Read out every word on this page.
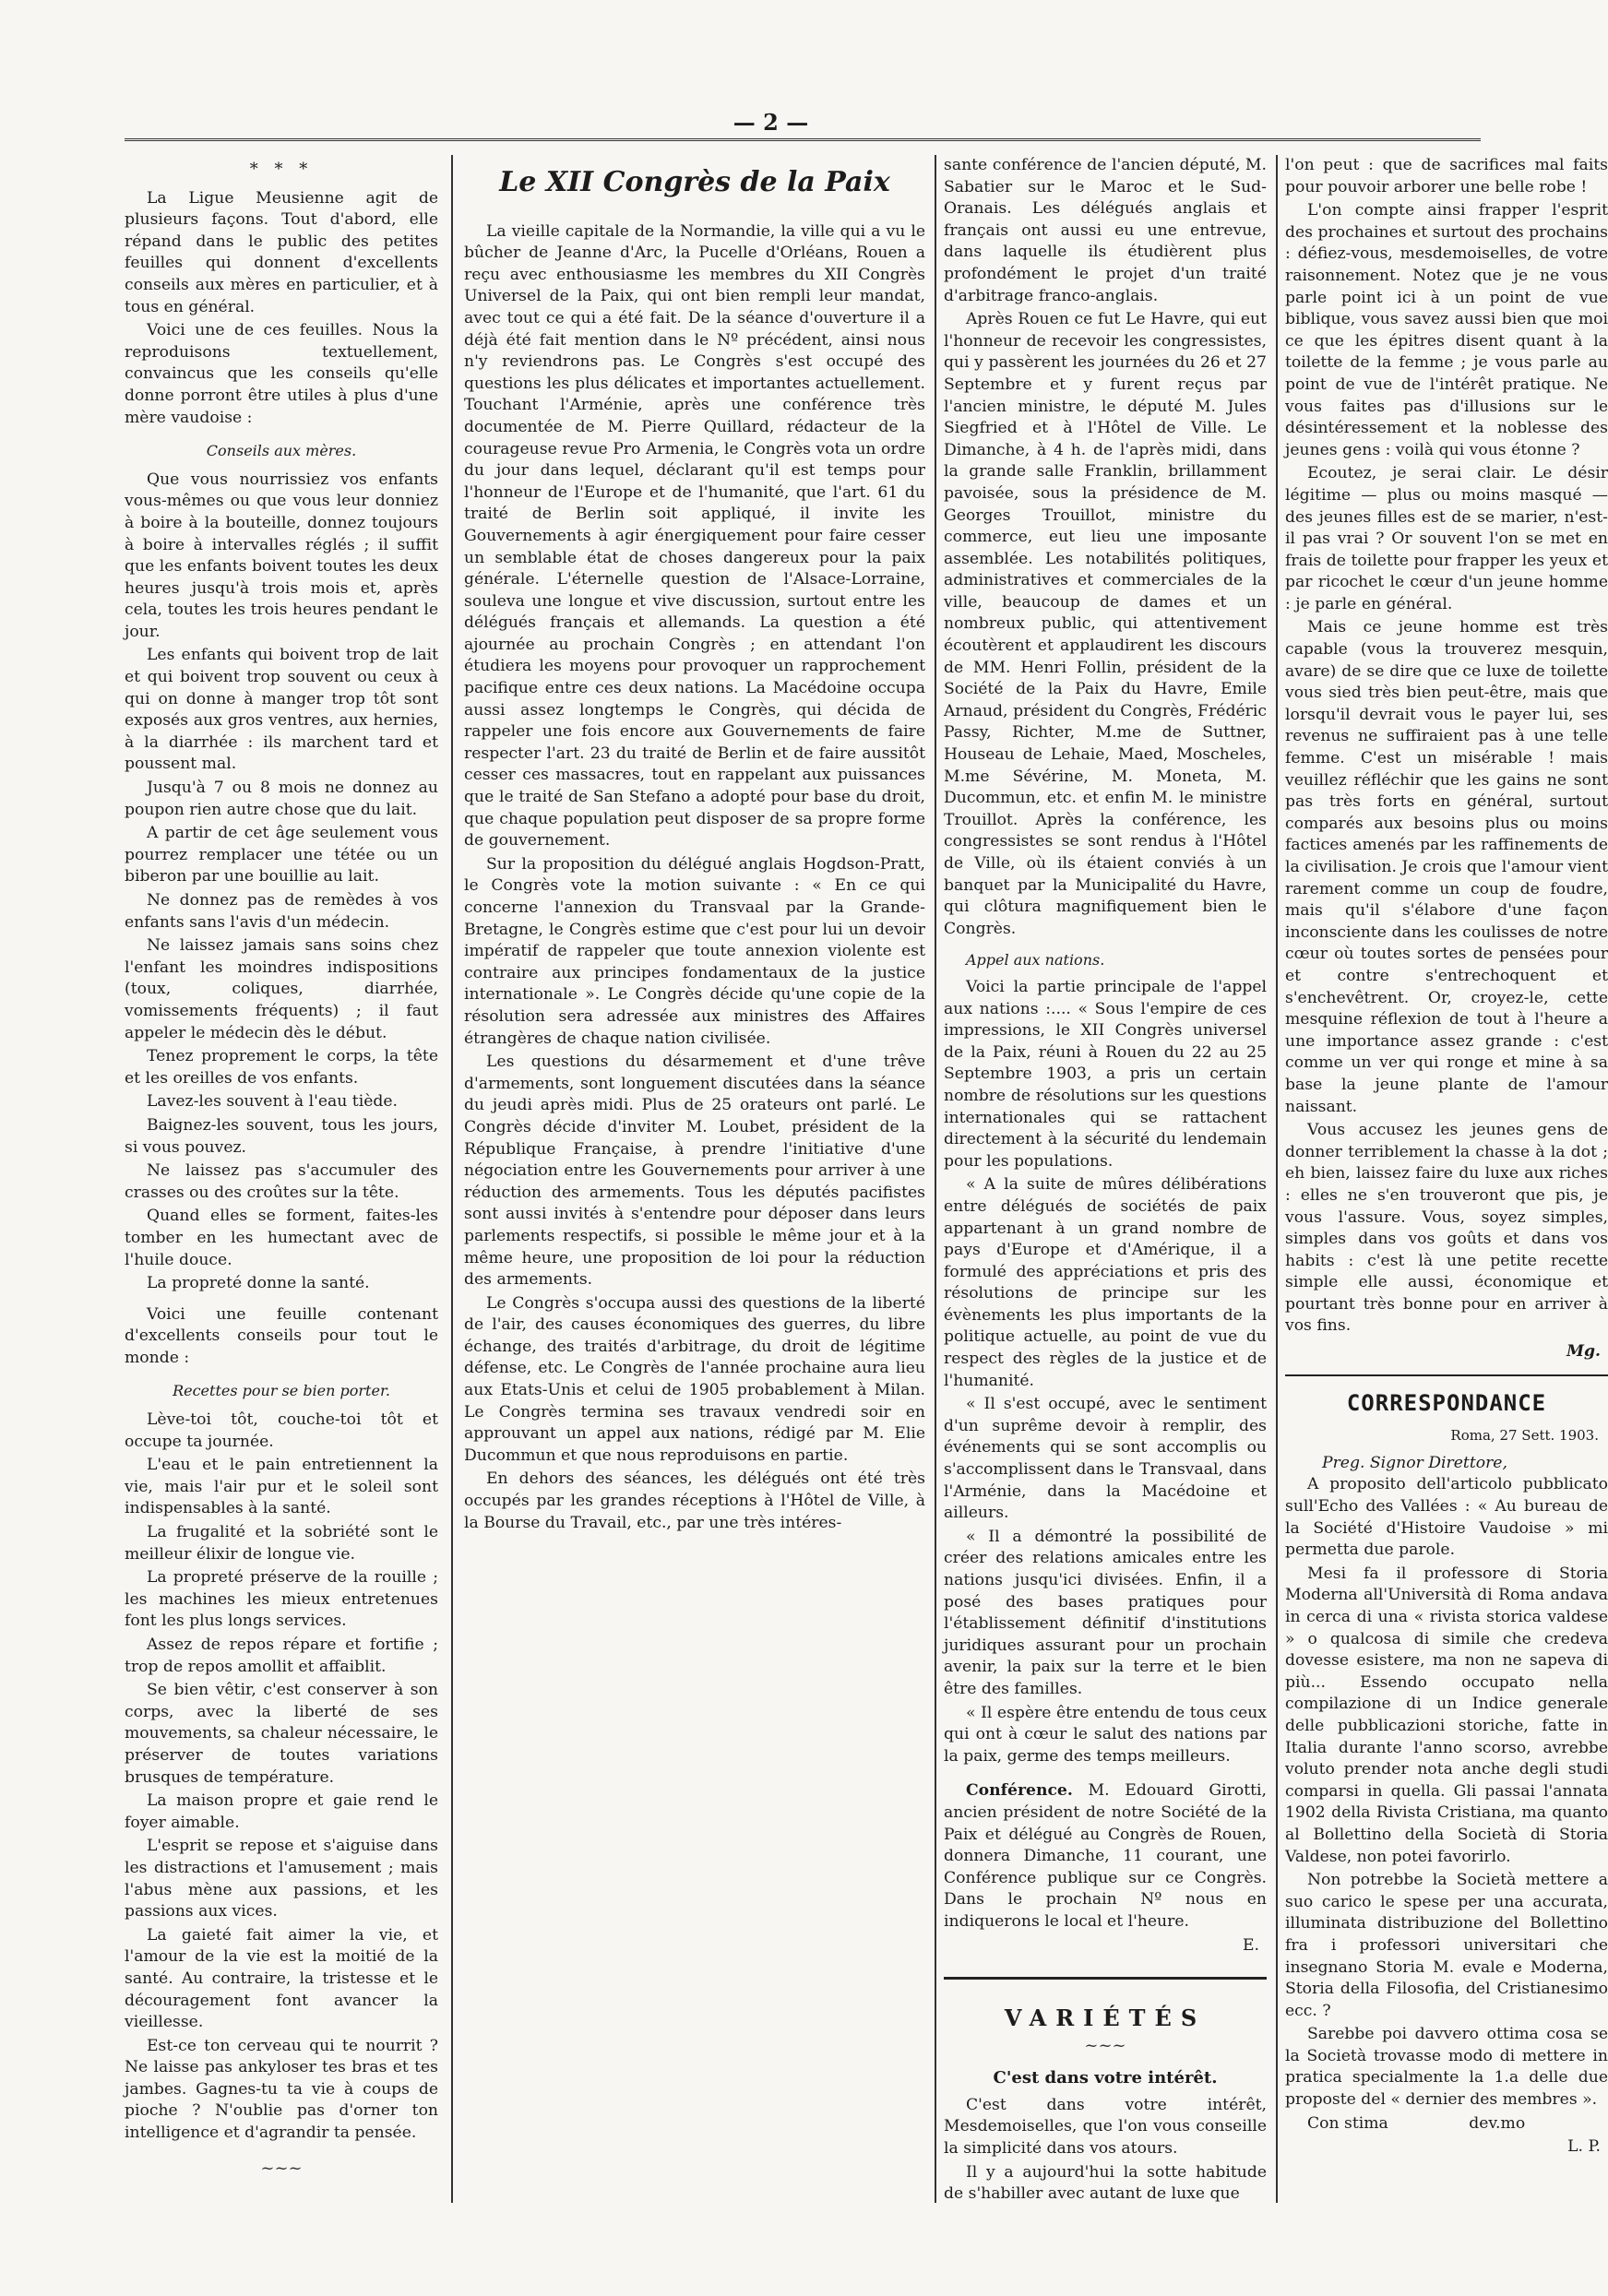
— 2 —
* * *

La Ligue Meusienne agit de plusieurs façons. Tout d'abord, elle répand dans le public des petites feuilles qui donnent d'excellents conseils aux mères en particulier, et à tous en général.

Voici une de ces feuilles. Nous la reproduisons textuellement, convaincus que les conseils qu'elle donne porront être utiles à plus d'une mère vaudoise :

Conseils aux mères.

Que vous nourrissiez vos enfants vous-mêmes ou que vous leur donniez à boire à la bouteille, donnez toujours à boire à intervalles réglés ; il suffit que les enfants boivent toutes les deux heures jusqu'à trois mois et, après cela, toutes les trois heures pendant le jour.

Les enfants qui boivent trop de lait et qui boivent trop souvent ou ceux à qui on donne à manger trop tôt sont exposés aux gros ventres, aux hernies, à la diarrhée : ils marchent tard et poussent mal.

Jusqu'à 7 ou 8 mois ne donnez au poupon rien autre chose que du lait.

A partir de cet âge seulement vous pourrez remplacer une tétée ou un biberon par une bouillie au lait.

Ne donnez pas de remèdes à vos enfants sans l'avis d'un médecin.

Ne laissez jamais sans soins chez l'enfant les moindres indispositions (toux, coliques, diarrhée, vomissements fréquents) ; il faut appeler le médecin dès le début.

Tenez proprement le corps, la tête et les oreilles de vos enfants.

Lavez-les souvent à l'eau tiède.

Baignez-les souvent, tous les jours, si vous pouvez.

Ne laissez pas s'accumuler des crasses ou des croûtes sur la tête.

Quand elles se forment, faites-les tomber en les humectant avec de l'huile douce.

La propreté donne la santé.

Voici une feuille contenant d'excellents conseils pour tout le monde :

Recettes pour se bien porter.

Lève-toi tôt, couche-toi tôt et occupe ta journée.

L'eau et le pain entretiennent la vie, mais l'air pur et le soleil sont indispensables à la santé.

La frugalité et la sobriété sont le meilleur élixir de longue vie.

La propreté préserve de la rouille ; les machines les mieux entretenues font les plus longs services.

Assez de repos répare et fortifie ; trop de repos amollit et affaiblit.

Se bien vêtir, c'est conserver à son corps, avec la liberté de ses mouvements, sa chaleur nécessaire, le préserver de toutes variations brusques de température.

La maison propre et gaie rend le foyer aimable.

L'esprit se repose et s'aiguise dans les distractions et l'amusement ; mais l'abus mène aux passions, et les passions aux vices.

La gaieté fait aimer la vie, et l'amour de la vie est la moitié de la santé. Au contraire, la tristesse et le découragement font avancer la vieillesse.

Est-ce ton cerveau qui te nourrit ? Ne laisse pas ankyloser tes bras et tes jambes. Gagnes-tu ta vie à coups de pioche ? N'oublie pas d'orner ton intelligence et d'agrandir ta pensée.

~~~
Le XII Congrès de la Paix

La vieille capitale de la Normandie, la ville qui a vu le bûcher de Jeanne d'Arc, la Pucelle d'Orléans, Rouen a reçu avec enthousiasme les membres du XII Congrès Universel de la Paix, qui ont bien rempli leur mandat, avec tout ce qui a été fait. De la séance d'ouverture il a déjà été fait mention dans le Nº précédent, ainsi nous n'y reviendrons pas. Le Congrès s'est occupé des questions les plus délicates et importantes actuellement. Touchant l'Arménie, après une conférence très documentée de M. Pierre Quillard, rédacteur de la courageuse revue Pro Armenia, le Congrès vota un ordre du jour dans lequel, déclarant qu'il est temps pour l'honneur de l'Europe et de l'humanité, que l'art. 61 du traité de Berlin soit appliqué, il invite les Gouvernements à agir énergiquement pour faire cesser un semblable état de choses dangereux pour la paix générale. L'éternelle question de l'Alsace-Lorraine, souleva une longue et vive discussion, surtout entre les délégués français et allemands. La question a été ajournée au prochain Congrès ; en attendant l'on étudiera les moyens pour provoquer un rapprochement pacifique entre ces deux nations. La Macédoine occupa aussi assez longtemps le Congrès, qui décida de rappeler une fois encore aux Gouvernements de faire respecter l'art. 23 du traité de Berlin et de faire aussitôt cesser ces massacres, tout en rappelant aux puissances que le traité de San Stefano a adopté pour base du droit, que chaque population peut disposer de sa propre forme de gouvernement.

Sur la proposition du délégué anglais Hogdson-Pratt, le Congrès vote la motion suivante : « En ce qui concerne l'annexion du Transvaal par la Grande-Bretagne, le Congrès estime que c'est pour lui un devoir impératif de rappeler que toute annexion violente est contraire aux principes fondamentaux de la justice internationale ». Le Congrès décide qu'une copie de la résolution sera adressée aux ministres des Affaires étrangères de chaque nation civilisée.

Les questions du désarmement et d'une trêve d'armements, sont longuement discutées dans la séance du jeudi après midi. Plus de 25 orateurs ont parlé. Le Congrès décide d'inviter M. Loubet, président de la République Française, à prendre l'initiative d'une négociation entre les Gouvernements pour arriver à une réduction des armements. Tous les députés pacifistes sont aussi invités à s'entendre pour déposer dans leurs parlements respectifs, si possible le même jour et à la même heure, une proposition de loi pour la réduction des armements.

Le Congrès s'occupa aussi des questions de la liberté de l'air, des causes économiques des guerres, du libre échange, des traités d'arbitrage, du droit de légitime défense, etc. Le Congrès de l'année prochaine aura lieu aux Etats-Unis et celui de 1905 probablement à Milan. Le Congrès termina ses travaux vendredi soir en approuvant un appel aux nations, rédigé par M. Elie Ducommun et que nous reproduisons en partie.

En dehors des séances, les délégués ont été très occupés par les grandes réceptions à l'Hôtel de Ville, à la Bourse du Travail, etc., par une très intéres-

sante conférence de l'ancien député, M. Sabatier sur le Maroc et le Sud-Oranais. Les délégués anglais et français ont aussi eu une entrevue, dans laquelle ils étudièrent plus profondément le projet d'un traité d'arbitrage franco-anglais.

Après Rouen ce fut Le Havre, qui eut l'honneur de recevoir les congressistes, qui y passèrent les journées du 26 et 27 Septembre et y furent reçus par l'ancien ministre, le député M. Jules Siegfried et à l'Hôtel de Ville. Le Dimanche, à 4 h. de l'après midi, dans la grande salle Franklin, brillamment pavoisée, sous la présidence de M. Georges Trouillot, ministre du commerce, eut lieu une imposante assemblée. Les notabilités politiques, administratives et commerciales de la ville, beaucoup de dames et un nombreux public, qui attentivement écoutèrent et applaudirent les discours de MM. Henri Follin, président de la Société de la Paix du Havre, Emile Arnaud, président du Congrès, Frédéric Passy, Richter, M.me de Suttner, Houseau de Lehaie, Maed, Moscheles, M.me Sévérine, M. Moneta, M. Ducommun, etc. et enfin M. le ministre Trouillot. Après la conférence, les congressistes se sont rendus à l'Hôtel de Ville, où ils étaient conviés à un banquet par la Municipalité du Havre, qui clôtura magnifiquement bien le Congrès.

Appel aux nations.

Voici la partie principale de l'appel aux nations :.... « Sous l'empire de ces impressions, le XII Congrès universel de la Paix, réuni à Rouen du 22 au 25 Septembre 1903, a pris un certain nombre de résolutions sur les questions internationales qui se rattachent directement à la sécurité du lendemain pour les populations.

« A la suite de mûres délibérations entre délégués de sociétés de paix appartenant à un grand nombre de pays d'Europe et d'Amérique, il a formulé des appréciations et pris des résolutions de principe sur les évènements les plus importants de la politique actuelle, au point de vue du respect des règles de la justice et de l'humanité.

« Il s'est occupé, avec le sentiment d'un suprême devoir à remplir, des événements qui se sont accomplis ou s'accomplissent dans le Transvaal, dans l'Arménie, dans la Macédoine et ailleurs.

« Il a démontré la possibilité de créer des relations amicales entre les nations jusqu'ici divisées. Enfin, il a posé des bases pratiques pour l'établissement définitif d'institutions juridiques assurant pour un prochain avenir, la paix sur la terre et le bien être des familles.

« Il espère être entendu de tous ceux qui ont à cœur le salut des nations par la paix, germe des temps meilleurs.

Conférence. M. Edouard Girotti, ancien président de notre Société de la Paix et délégué au Congrès de Rouen, donnera Dimanche, 11 courant, une Conférence publique sur ce Congrès. Dans le prochain Nº nous en indiquerons le local et l'heure.

E.
VARIÉTÉS
~~~
C'est dans votre intérêt.

C'est dans votre intérêt, Mesdemoiselles, que l'on vous conseille la simplicité dans vos atours.

Il y a aujourd'hui la sotte habitude de s'habiller avec autant de luxe que

l'on peut : que de sacrifices mal faits pour pouvoir arborer une belle robe !

L'on compte ainsi frapper l'esprit des prochaines et surtout des prochains : défiez-vous, mesdemoiselles, de votre raisonnement. Notez que je ne vous parle point ici à un point de vue biblique, vous savez aussi bien que moi ce que les épitres disent quant à la toilette de la femme ; je vous parle au point de vue de l'intérêt pratique. Ne vous faites pas d'illusions sur le désintéressement et la noblesse des jeunes gens : voilà qui vous étonne ?

Ecoutez, je serai clair. Le désir légitime — plus ou moins masqué — des jeunes filles est de se marier, n'est-il pas vrai ? Or souvent l'on se met en frais de toilette pour frapper les yeux et par ricochet le cœur d'un jeune homme : je parle en général.

Mais ce jeune homme est très capable (vous la trouverez mesquin, avare) de se dire que ce luxe de toilette vous sied très bien peut-être, mais que lorsqu'il devrait vous le payer lui, ses revenus ne suffiraient pas à une telle femme. C'est un misérable ! mais veuillez réfléchir que les gains ne sont pas très forts en général, surtout comparés aux besoins plus ou moins factices amenés par les raffinements de la civilisation. Je crois que l'amour vient rarement comme un coup de foudre, mais qu'il s'élabore d'une façon inconsciente dans les coulisses de notre cœur où toutes sortes de pensées pour et contre s'entrechoquent et s'enchevêtrent. Or, croyez-le, cette mesquine réflexion de tout à l'heure a une importance assez grande : c'est comme un ver qui ronge et mine à sa base la jeune plante de l'amour naissant.

Vous accusez les jeunes gens de donner terriblement la chasse à la dot ; eh bien, laissez faire du luxe aux riches : elles ne s'en trouveront que pis, je vous l'assure. Vous, soyez simples, simples dans vos goûts et dans vos habits : c'est là une petite recette simple elle aussi, économique et pourtant très bonne pour en arriver à vos fins.

Mg.
CORRESPONDANCE
Roma, 27 Sett. 1903.
Preg. Signor Direttore,

A proposito dell'articolo pubblicato sull'Echo des Vallées : « Au bureau de la Société d'Histoire Vaudoise » mi permetta due parole.

Mesi fa il professore di Storia Moderna all'Università di Roma andava in cerca di una « rivista storica valdese » o qualcosa di simile che credeva dovesse esistere, ma non ne sapeva di più... Essendo occupato nella compilazione di un Indice generale delle pubblicazioni storiche, fatte in Italia durante l'anno scorso, avrebbe voluto prender nota anche degli studi comparsi in quella. Gli passai l'annata 1902 della Rivista Cristiana, ma quanto al Bollettino della Società di Storia Valdese, non potei favorirlo.

Non potrebbe la Società mettere a suo carico le spese per una accurata, illuminata distribuzione del Bollettino fra i professori universitari che insegnano Storia M. evale e Moderna, Storia della Filosofia, del Cristianesimo ecc. ?

Sarebbe poi davvero ottima cosa se la Società trovasse modo di mettere in pratica specialmente la 1.a delle due proposte del « dernier des membres ».

Con stima                dev.mo

L. P.
